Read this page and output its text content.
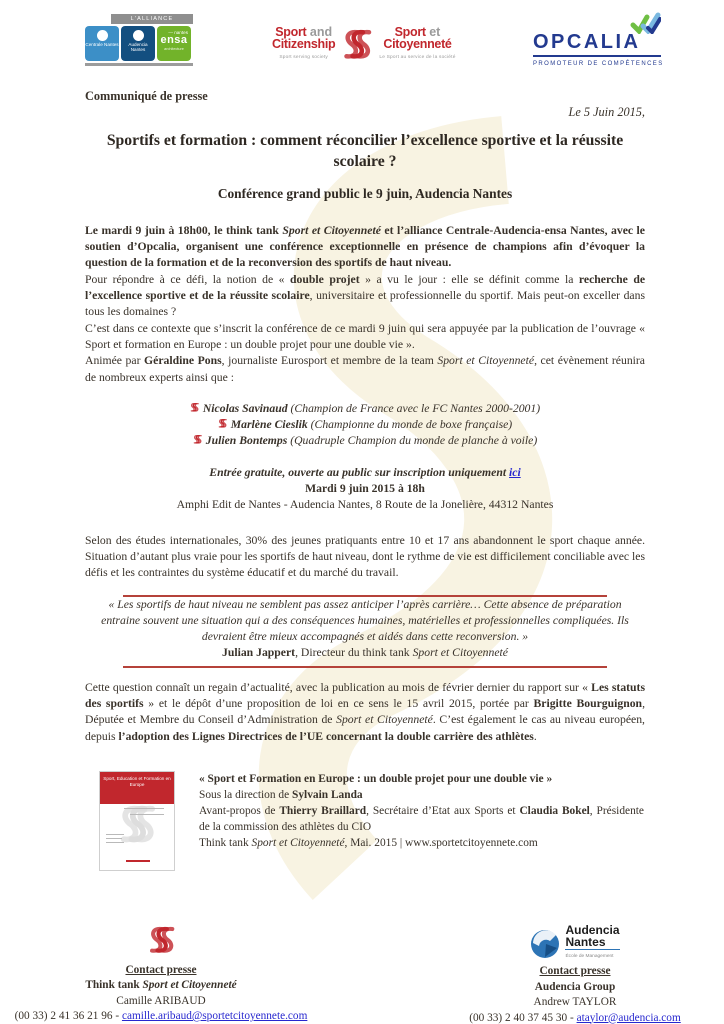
L'ALLIANCE
Centrale Nantes	Audencia Nantes
— nantes
ensa
architecture
Sport and
Citizenship
Sport serving society
Sport et
Citoyenneté
Le Sport au service de la société
OPCALIA
PROMOTEUR DE COMPÉTENCES

Communiqué de presse

Le 5 Juin 2015,

Sportifs et formation : comment réconcilier l’excellence sportive et la réussite scolaire ?
Conférence grand public le 9 juin, Audencia Nantes

Le mardi 9 juin à 18h00, le think tank Sport et Citoyenneté et l’alliance Centrale-Audencia-ensa Nantes, avec le soutien d’Opcalia, organisent une conférence exceptionnelle en présence de champions afin d’évoquer la question de la formation et de la reconversion des sportifs de haut niveau.

Pour répondre à ce défi, la notion de « double projet » a vu le jour : elle se définit comme la recherche de l’excellence sportive et de la réussite scolaire, universitaire et professionnelle du sportif. Mais peut-on exceller dans tous les domaines ?

C’est dans ce contexte que s’inscrit la conférence de ce mardi 9 juin qui sera appuyée par la publication de l’ouvrage « Sport et formation en Europe : un double projet pour une double vie ».

Animée par Géraldine Pons, journaliste Eurosport et membre de la team Sport et Citoyenneté, cet évènement réunira de nombreux experts ainsi que :

Nicolas Savinaud (Champion de France avec le FC Nantes 2000-2001)
Marlène Cieslik (Championne du monde de boxe française)
Julien Bontemps (Quadruple Champion du monde de planche à voile)

Entrée gratuite, ouverte au public sur inscription uniquement ici

Mardi 9 juin 2015 à 18h

Amphi Edit de Nantes - Audencia Nantes, 8 Route de la Jonelière, 44312 Nantes

Selon des études internationales, 30% des jeunes pratiquants entre 10 et 17 ans abandonnent le sport chaque année. Situation d’autant plus vraie pour les sportifs de haut niveau, dont le rythme de vie est difficilement conciliable avec les défis et les contraintes du système éducatif et du marché du travail.

« Les sportifs de haut niveau ne semblent pas assez anticiper l’après carrière… Cette absence de préparation entraine souvent une situation qui a des conséquences humaines, matérielles et professionnelles compliquées. Ils devraient être mieux accompagnés et aidés dans cette reconversion. »

Julian Jappert, Directeur du think tank Sport et Citoyenneté

Cette question connaît un regain d’actualité, avec la publication au mois de février dernier du rapport sur « Les statuts des sportifs » et le dépôt d’une proposition de loi en ce sens le 15 avril 2015, portée par Brigitte Bourguignon, Députée et Membre du Conseil d’Administration de Sport et Citoyenneté. C’est également le cas au niveau européen, depuis l’adoption des Lignes Directrices de l’UE concernant la double carrière des athlètes.

Sport, Education et Formation en Europe	« Sport et Formation en Europe : un double projet pour une double vie »

Sous la direction de Sylvain Landa

Avant-propos de Thierry Braillard, Secrétaire d’Etat aux Sports et Claudia Bokel, Présidente de la commission des athlètes du CIO

Think tank Sport et Citoyenneté, Mai. 2015 | www.sportetcitoyennete.com

Contact presse
Think tank Sport et Citoyenneté
Camille ARIBAUD
(00 33) 2 41 36 21 96 - camille.aribaud@sportetcitoyennete.com
Audencia
Nantes
École de Management
Contact presse
Audencia Group
Andrew TAYLOR
(00 33) 2 40 37 45 30 - ataylor@audencia.com
